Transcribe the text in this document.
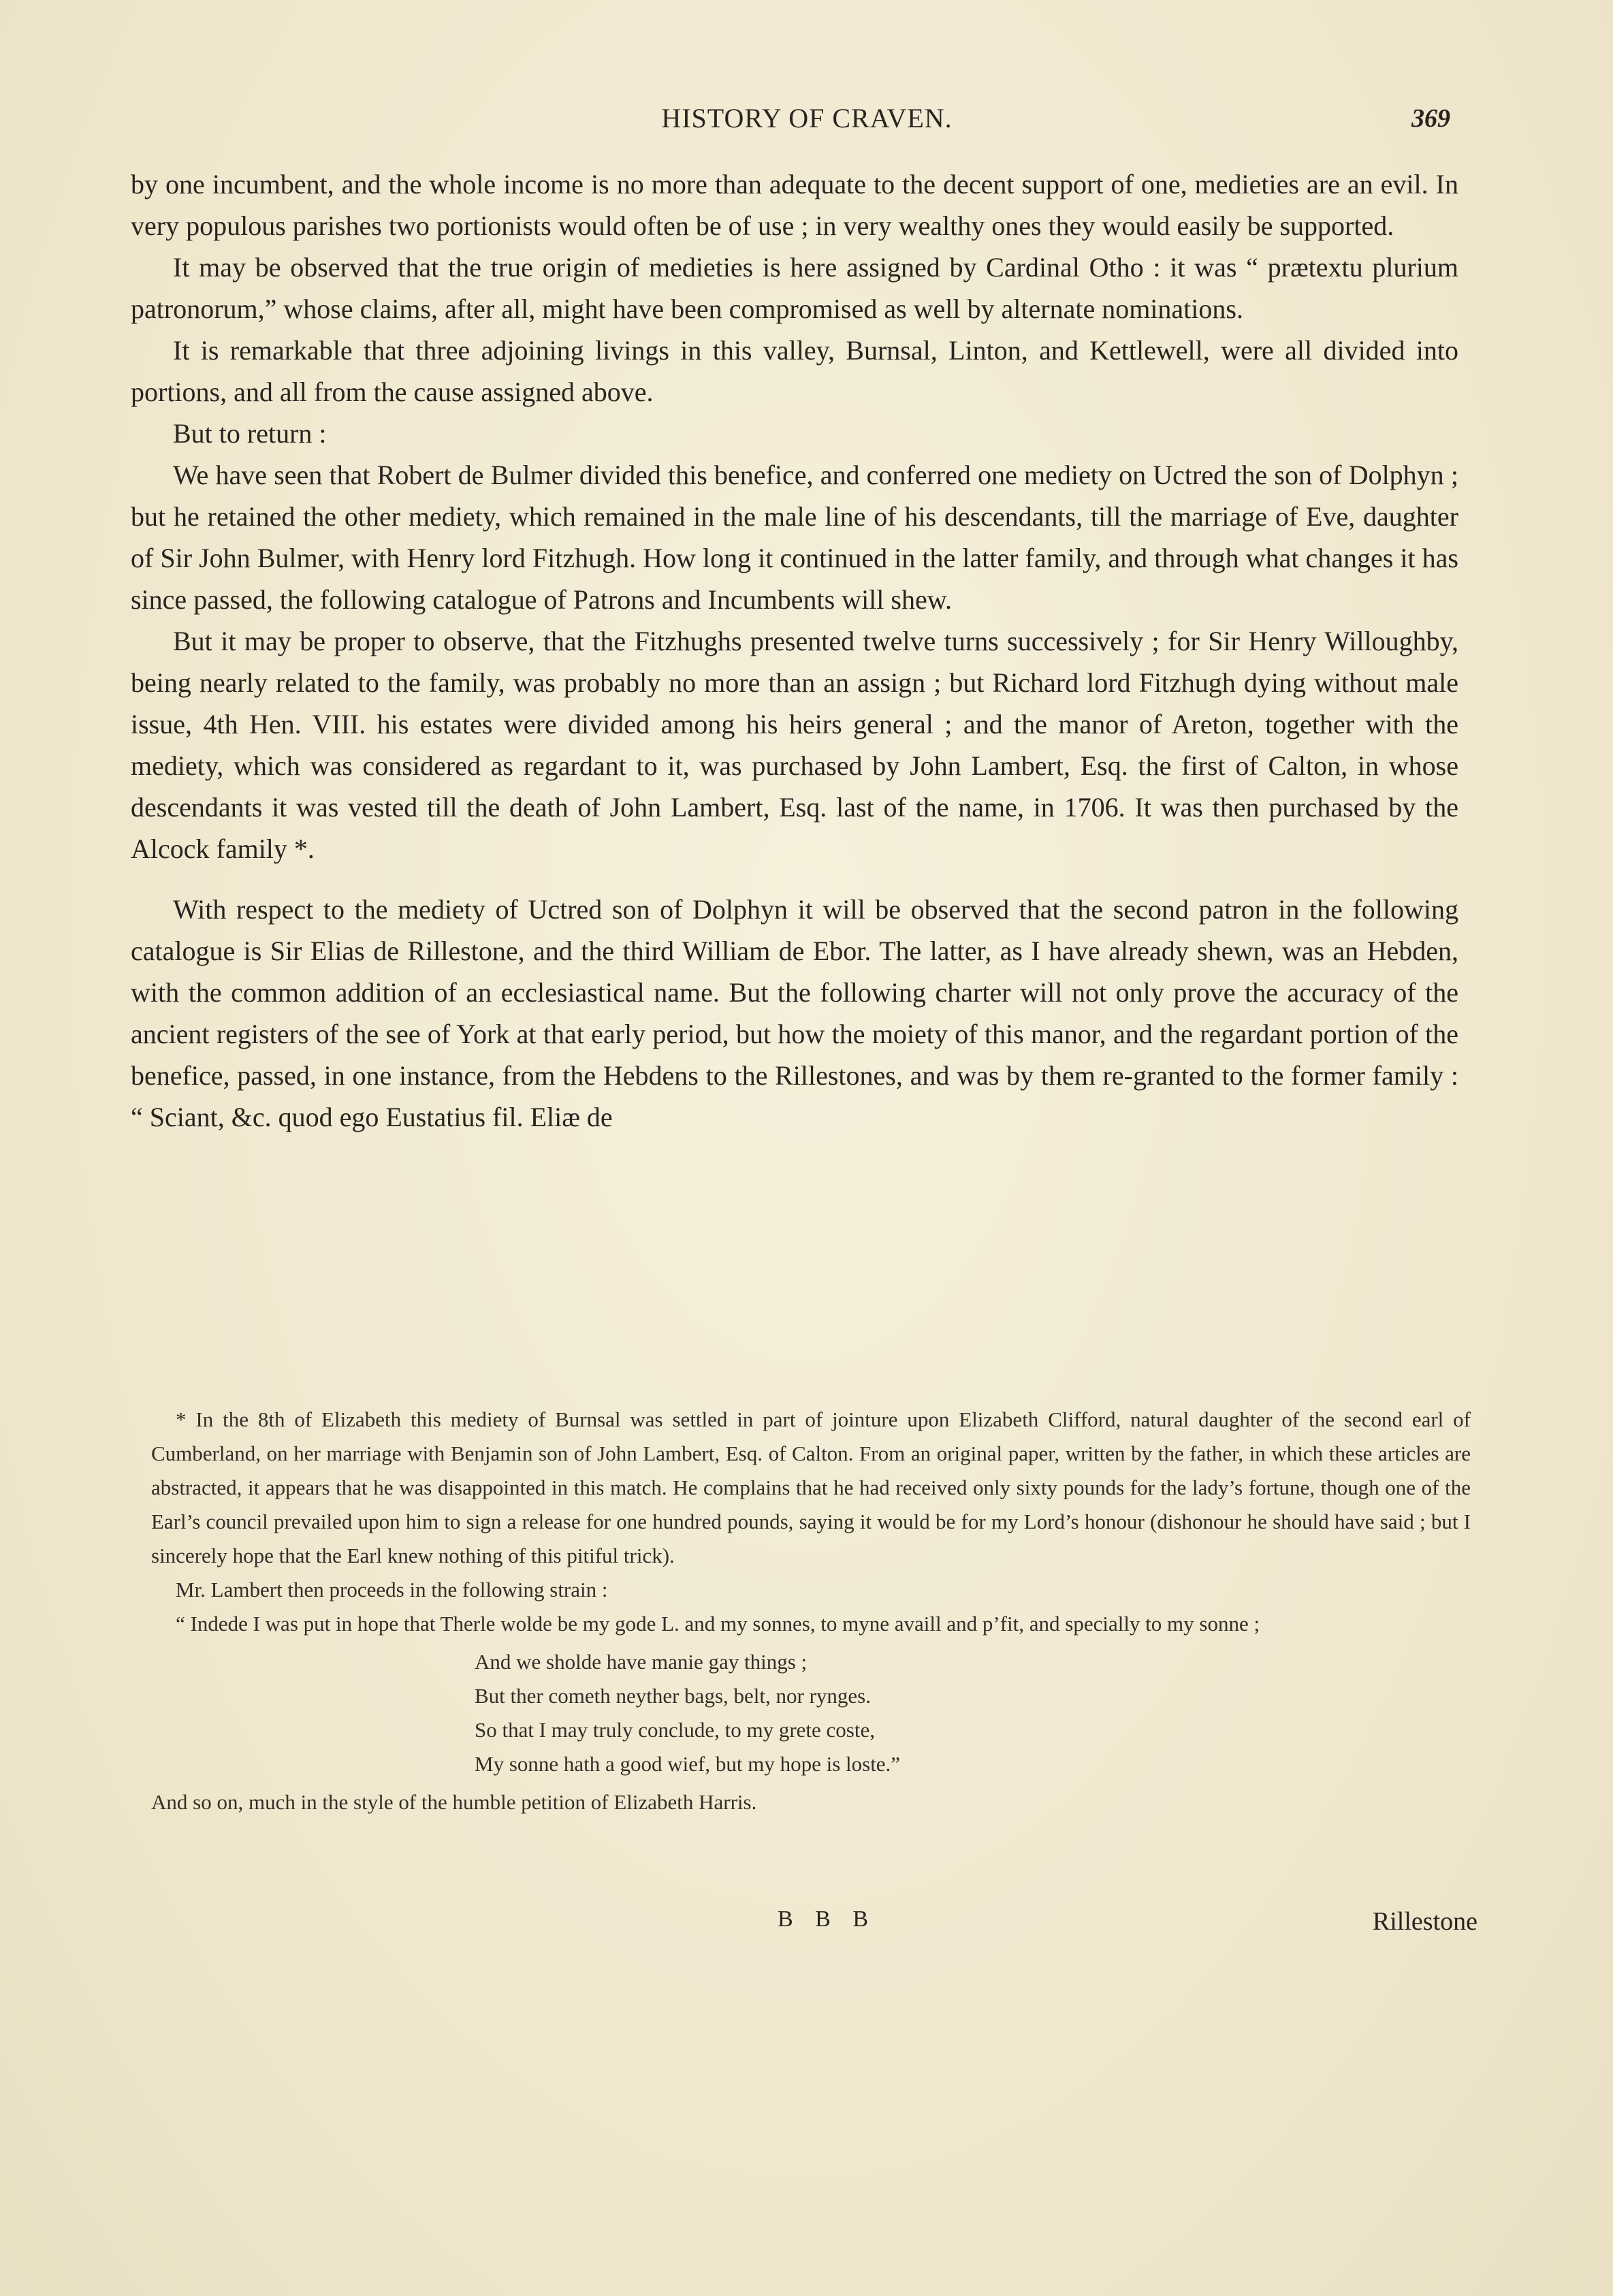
HISTORY OF CRAVEN.	369

by one incumbent, and the whole income is no more than adequate to the decent support of one, medieties are an evil. In very populous parishes two portionists would often be of use ; in very wealthy ones they would easily be supported.

It may be observed that the true origin of medieties is here assigned by Cardinal Otho : it was “ prætextu plurium patronorum,” whose claims, after all, might have been compromised as well by alternate nominations.

It is remarkable that three adjoining livings in this valley, Burnsal, Linton, and Kettlewell, were all divided into portions, and all from the cause assigned above.

But to return :

We have seen that Robert de Bulmer divided this benefice, and conferred one mediety on Uctred the son of Dolphyn ; but he retained the other mediety, which remained in the male line of his descendants, till the marriage of Eve, daughter of Sir John Bulmer, with Henry lord Fitzhugh. How long it continued in the latter family, and through what changes it has since passed, the following catalogue of Patrons and Incumbents will shew.

But it may be proper to observe, that the Fitzhughs presented twelve turns successively ; for Sir Henry Willoughby, being nearly related to the family, was probably no more than an assign ; but Richard lord Fitzhugh dying without male issue, 4th Hen. VIII. his estates were divided among his heirs general ; and the manor of Areton, together with the mediety, which was considered as regardant to it, was purchased by John Lambert, Esq. the first of Calton, in whose descendants it was vested till the death of John Lambert, Esq. last of the name, in 1706. It was then purchased by the Alcock family *.

With respect to the mediety of Uctred son of Dolphyn it will be observed that the second patron in the following catalogue is Sir Elias de Rillestone, and the third William de Ebor. The latter, as I have already shewn, was an Hebden, with the common addition of an ecclesiastical name. But the following charter will not only prove the accuracy of the ancient registers of the see of York at that early period, but how the moiety of this manor, and the regardant portion of the benefice, passed, in one instance, from the Hebdens to the Rillestones, and was by them re-granted to the former family : “ Sciant, &c. quod ego Eustatius fil. Eliæ de

* In the 8th of Elizabeth this mediety of Burnsal was settled in part of jointure upon Elizabeth Clifford, natural daughter of the second earl of Cumberland, on her marriage with Benjamin son of John Lambert, Esq. of Calton. From an original paper, written by the father, in which these articles are abstracted, it appears that he was disappointed in this match. He complains that he had received only sixty pounds for the lady’s fortune, though one of the Earl’s council prevailed upon him to sign a release for one hundred pounds, saying it would be for my Lord’s honour (dishonour he should have said ; but I sincerely hope that the Earl knew nothing of this pitiful trick).

Mr. Lambert then proceeds in the following strain :

“ Indede I was put in hope that Therle wolde be my gode L. and my sonnes, to myne availl and p’fit, and specially to my sonne ;

And we sholde have manie gay things ;
But ther cometh neyther bags, belt, nor rynges.
So that I may truly conclude, to my grete coste,
My sonne hath a good wief, but my hope is loste.”

And so on, much in the style of the humble petition of Elizabeth Harris.

B B B	Rillestone
